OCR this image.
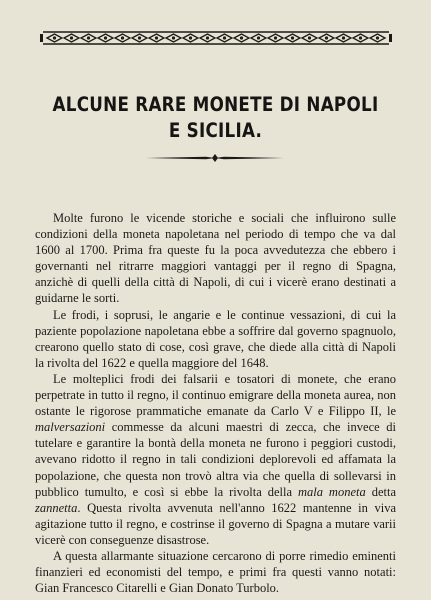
ALCUNE RARE MONETE DI NAPOLI
E SICILIA.

Molte furono le vicende storiche e sociali che influirono sulle condizioni della moneta napoletana nel periodo di tempo che va dal 1600 al 1700. Prima fra queste fu la poca avvedutezza che ebbero i governanti nel ritrarre maggiori vantaggi per il regno di Spagna, anzichè di quelli della città di Napoli, di cui i vicerè erano destinati a guidarne le sorti.

Le frodi, i soprusi, le angarie e le continue vessazioni, di cui la paziente popolazione napoletana ebbe a soffrire dal governo spagnuolo, crearono quello stato di cose, così grave, che diede alla città di Napoli la rivolta del 1622 e quella maggiore del 1648.

Le molteplici frodi dei falsarii e tosatori di monete, che erano perpetrate in tutto il regno, il continuo emigrare della moneta aurea, non ostante le rigorose prammatiche emanate da Carlo V e Filippo II, le malversazioni commesse da alcuni maestri di zecca, che invece di tutelare e garantire la bontà della moneta ne furono i peggiori custodi, avevano ridotto il regno in tali condizioni deplorevoli ed affamata la popolazione, che questa non trovò altra via che quella di sollevarsi in pubblico tumulto, e così si ebbe la rivolta della mala moneta detta zannetta. Questa rivolta avvenuta nell'anno 1622 mantenne in viva agitazione tutto il regno, e costrinse il governo di Spagna a mutare varii vicerè con conseguenze disastrose.

A questa allarmante situazione cercarono di porre rimedio eminenti finanzieri ed economisti del tempo, e primi fra questi vanno notati: Gian Francesco Citarelli e Gian Donato Turbolo.
